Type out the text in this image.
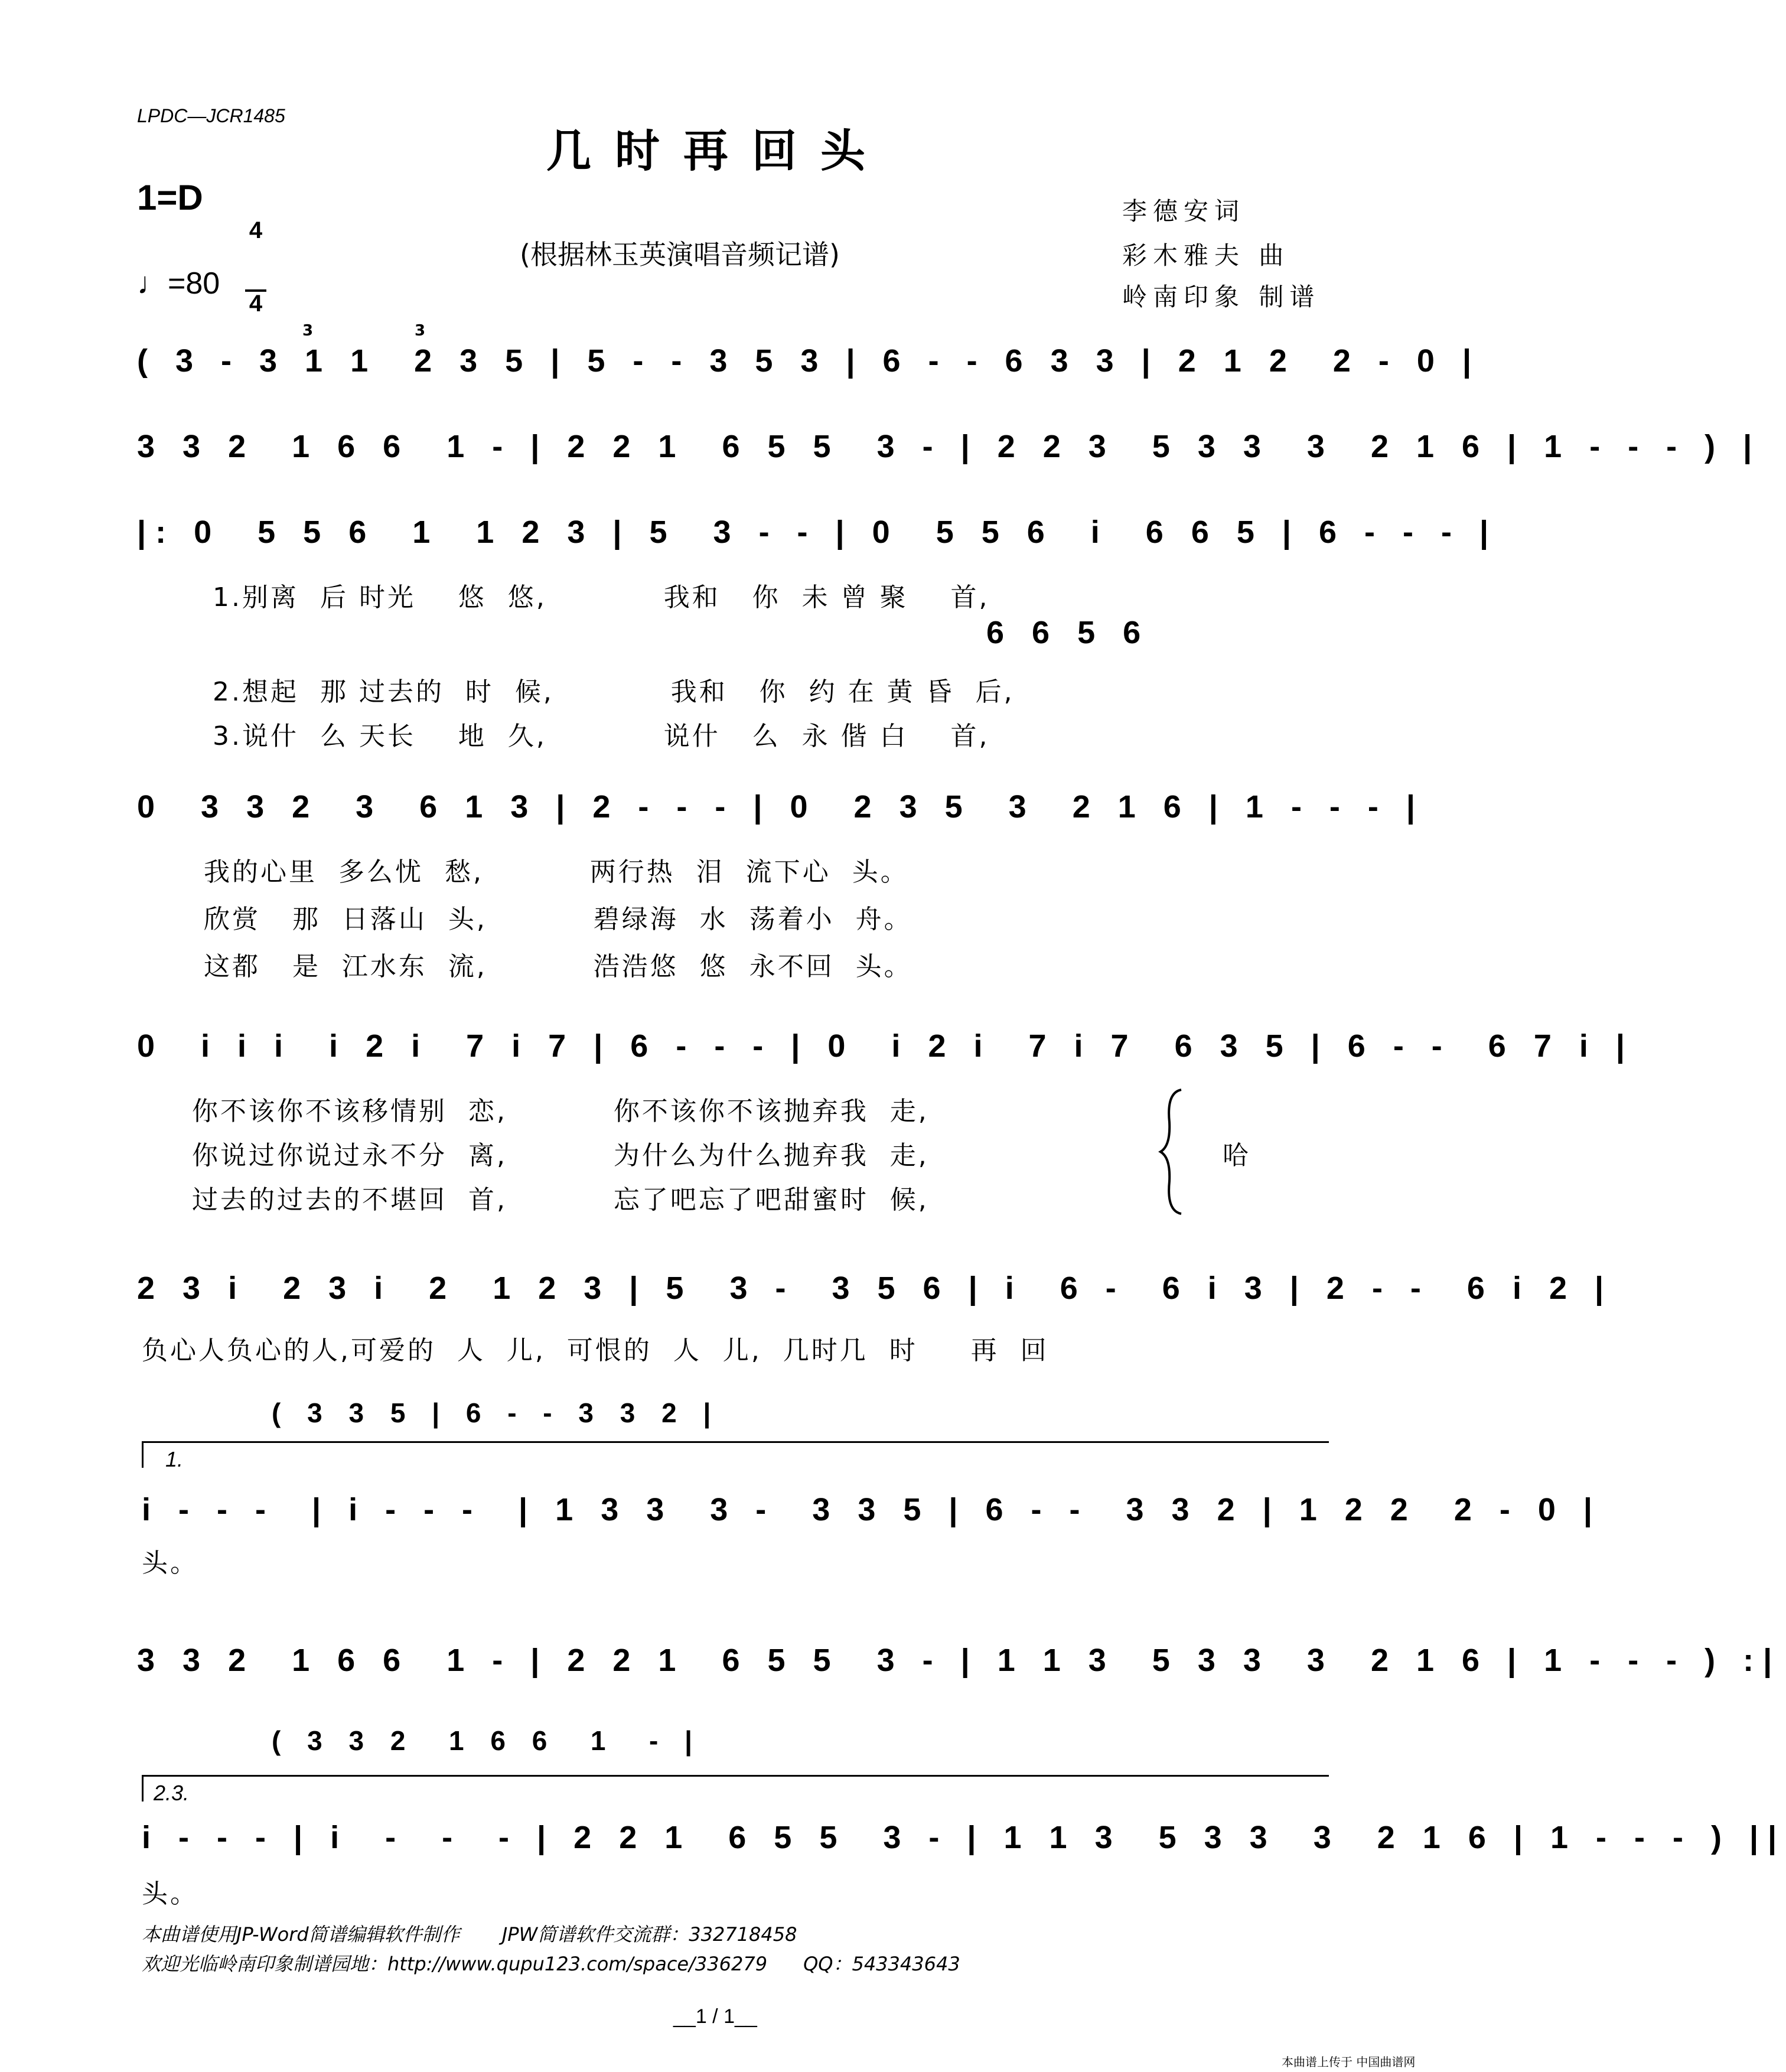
LPDC—JCR1485
几时再回头
1=D

4

4

♩=80
(根据林玉英演唱音频记谱)
李德安词
彩木雅夫 曲
岭南印象 制谱
( 3 - 3 1 1  2 3 5 | 5 - - 3 5 3 | 6 - - 6 3 3 | 2 1 2  2 - 0 |
3	3
3 3 2  1 6 6  1 - | 2 2 1  6 5 5  3 - | 2 2 3  5 3 3  3  2 1 6 | 1 - - - ) |
|: 0  5 5 6  1  1 2 3 | 5  3 - - | 0  5 5 6  i  6 6 5 | 6 - - - |
1.别离  后 时光    悠  悠,           我和   你  未 曾 聚    首,
6 6 5 6
2.想起  那 过去的  时  候,           我和   你  约 在 黄 昏  后,
3.说什  么 天长    地  久,           说什   么  永 偕 白    首,
0  3 3 2  3  6 1 3 | 2 - - - | 0  2 3 5  3  2 1 6 | 1 - - - |
我的心里  多么忧  愁,          两行热  泪  流下心  头。
欣赏   那  日落山  头,          碧绿海  水  荡着小  舟。
这都   是  江水东  流,          浩浩悠  悠  永不回  头。
0  i i i  i 2 i  7 i 7 | 6 - - - | 0  i 2 i  7 i 7  6 3 5 | 6 - -  6 7 i |
你不该你不该移情别  恋,          你不该你不该抛弃我  走,
你说过你说过永不分  离,          为什么为什么抛弃我  走,
过去的过去的不堪回  首,          忘了吧忘了吧甜蜜时  候,
哈
2 3 i  2 3 i  2  1 2 3 | 5  3 -  3 5 6 | i  6 -  6 i 3 | 2 - -  6 i 2 |
负心人负心的人,可爱的  人  儿,  可恨的  人  儿,  几时几  时     再  回
( 3 3 5 | 6 - - 3 3 2 |
1.
i - - -  | i - - -  | 1 3 3  3 -  3 3 5 | 6 - -  3 3 2 | 1 2 2  2 - 0 |
头。
3 3 2  1 6 6  1 - | 2 2 1  6 5 5  3 - | 1 1 3  5 3 3  3  2 1 6 | 1 - - - ) :|
( 3 3 2  1 6 6  1  - |
2.3.
i - - - | i  -  -  - | 2 2 1  6 5 5  3 - | 1 1 3  5 3 3  3  2 1 6 | 1 - - - ) ||
头。
本曲谱使用JP-Word简谱编辑软件制作       JPW简谱软件交流群：332718458
欢迎光临岭南印象制谱园地：http://www.qupu123.com/space/336279      QQ：543343643
__1 / 1__
本曲谱上传于 中国曲谱网
